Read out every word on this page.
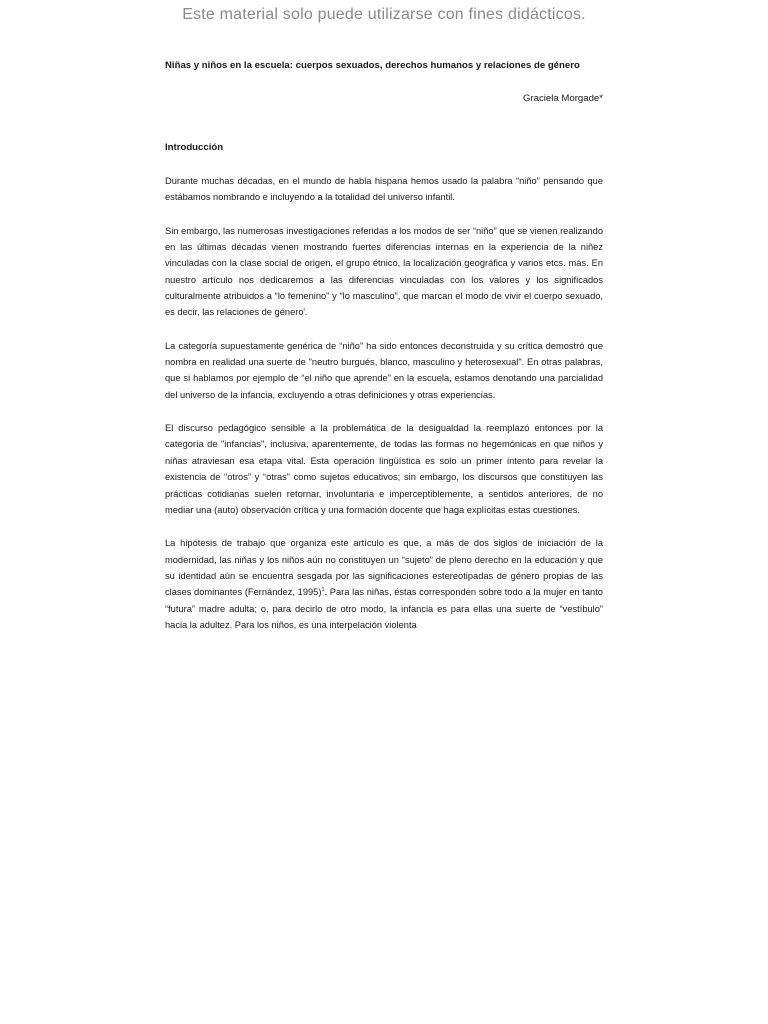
Este material solo puede utilizarse con fines didácticos.

Niñas y niños en la escuela: cuerpos sexuados, derechos humanos y relaciones de género

Graciela Morgade*

Introducción

Durante muchas décadas, en el mundo de habla hispana hemos usado la palabra “niño” pensando que estábamos nombrando e incluyendo a la totalidad del universo infantil.

Sin embargo, las numerosas investigaciones referidas a los modos de ser “niño” que se vienen realizando en las últimas décadas vienen mostrando fuertes diferencias internas en la experiencia de la niñez vinculadas con la clase social de origen, el grupo étnico, la localización geográfica y varios etcs. más. En nuestro artículo nos dedicaremos a las diferencias vinculadas con los valores y los significados culturalmente atribuidos a “lo femenino” y “lo masculino”, que marcan el modo de vivir el cuerpo sexuado, es decir, las relaciones de género$^i$.

La categoría supuestamente genérica de “niño” ha sido entonces deconstruida y su crítica demostró que nombra en realidad una suerte de "neutro burgués, blanco, masculino y heterosexual". En otras palabras, que si hablamos por ejemplo de “el niño que aprende” en la escuela, estamos denotando una parcialidad del universo de la infancia, excluyendo a otras definiciones y otras experiencias.

El discurso pedagógico sensible a la problemática de la desigualdad la reemplazó entonces por la categoría de "infancias", inclusiva, aparentemente, de todas las formas no hegemónicas en que niños y niñas atraviesan esa etapa vital. Esta operación lingüística es solo un primer intento para revelar la existencia de “otros” y “otras” como sujetos educativos; sin embargo, los discursos que constituyen las prácticas cotidianas suelen retornar, involuntaria e imperceptiblemente, a sentidos anteriores, de no mediar una (auto) observación crítica y una formación docente que haga explícitas estas cuestiones.

La hipótesis de trabajo que organiza este artículo es que, a más de dos siglos de iniciación de la modernidad, las niñas y los niños aún no constituyen un “sujeto” de pleno derecho en la educación y que su identidad aún se encuentra sesgada por las significaciones estereotipadas de género propias de las clases dominantes (Fernández, 1995)$^1$. Para las niñas, éstas corresponden sobre todo a la mujer en tanto “futura” madre adulta; o, para decirlo de otro modo, la infancia es para ellas una suerte de “vestíbulo” hacia la adultez. Para los niños, es una interpelación violenta
